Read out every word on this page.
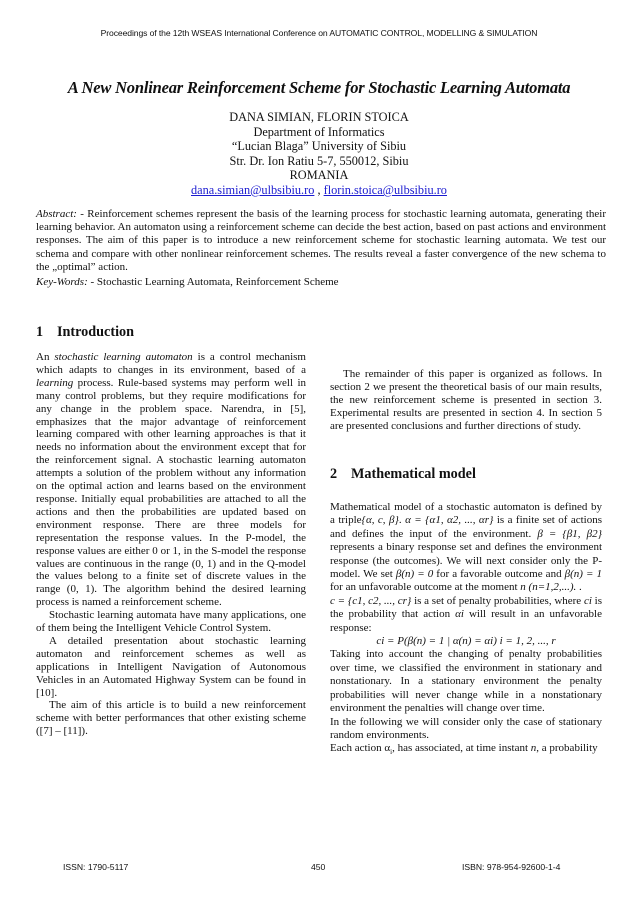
Proceedings of the 12th WSEAS International Conference on AUTOMATIC CONTROL, MODELLING & SIMULATION
A New Nonlinear Reinforcement Scheme for Stochastic Learning Automata
DANA SIMIAN, FLORIN STOICA
Department of Informatics
“Lucian Blaga” University of Sibiu
Str. Dr. Ion Ratiu 5-7, 550012, Sibiu
ROMANIA
dana.simian@ulbsibiu.ro , florin.stoica@ulbsibiu.ro
Abstract: - Reinforcement schemes represent the basis of the learning process for stochastic learning automata, generating their learning behavior. An automaton using a reinforcement scheme can decide the best action, based on past actions and environment responses. The aim of this paper is to introduce a new reinforcement scheme for stochastic learning automata. We test our schema and compare with other nonlinear reinforcement schemes. The results reveal a faster convergence of the new schema to the „optimal” action.
Key-Words: - Stochastic Learning Automata, Reinforcement Scheme
1 Introduction

An stochastic learning automaton is a control mechanism which adapts to changes in its environment, based of a learning process. Rule-based systems may perform well in many control problems, but they require modifications for any change in the problem space. Narendra, in [5], emphasizes that the major advantage of reinforcement learning compared with other learning approaches is that it needs no information about the environment except that for the reinforcement signal. A stochastic learning automaton attempts a solution of the problem without any information on the optimal action and learns based on the environment response. Initially equal probabilities are attached to all the actions and then the probabilities are updated based on environment response. There are three models for representation the response values. In the P-model, the response values are either 0 or 1, in the S-model the response values are continuous in the range (0, 1) and in the Q-model the values belong to a finite set of discrete values in the range (0, 1). The algorithm behind the desired learning process is named a reinforcement scheme.

Stochastic learning automata have many applications, one of them being the Intelligent Vehicle Control System.

A detailed presentation about stochastic learning automaton and reinforcement schemes as well as applications in Intelligent Navigation of Autonomous Vehicles in an Automated Highway System can be found in [10].

The aim of this article is to build a new reinforcement scheme with better performances that other existing scheme ([7] – [11]).

The remainder of this paper is organized as follows. In section 2 we present the theoretical basis of our main results, the new reinforcement scheme is presented in section 3. Experimental results are presented in section 4. In section 5 are presented conclusions and further directions of study.

2 Mathematical model

Mathematical model of a stochastic automaton is defined by a triple{α, c, β}. α = {α1, α2, ..., αr} is a finite set of actions and defines the input of the environment. β = {β1, β2} represents a binary response set and defines the environment response (the outcomes). We will next consider only the P-model. We set β(n) = 0 for a favorable outcome and β(n) = 1 for an unfavorable outcome at the moment n (n=1,2,...). .

c = {c1, c2, ..., cr} is a set of penalty probabilities, where ci is the probability that action αi will result in an unfavorable response:

ci = P(β(n) = 1 | α(n) = αi) i = 1, 2, ..., r

Taking into account the changing of penalty probabilities over time, we classified the environment in stationary and nonstationary. In a stationary environment the penalty probabilities will never change while in a nonstationary environment the penalties will change over time.

In the following we will consider only the case of stationary random environments.

Each action $\alpha_i$, has associated, at time instant n, a probability

ISSN: 1790-5117	450	ISBN: 978-954-92600-1-4
